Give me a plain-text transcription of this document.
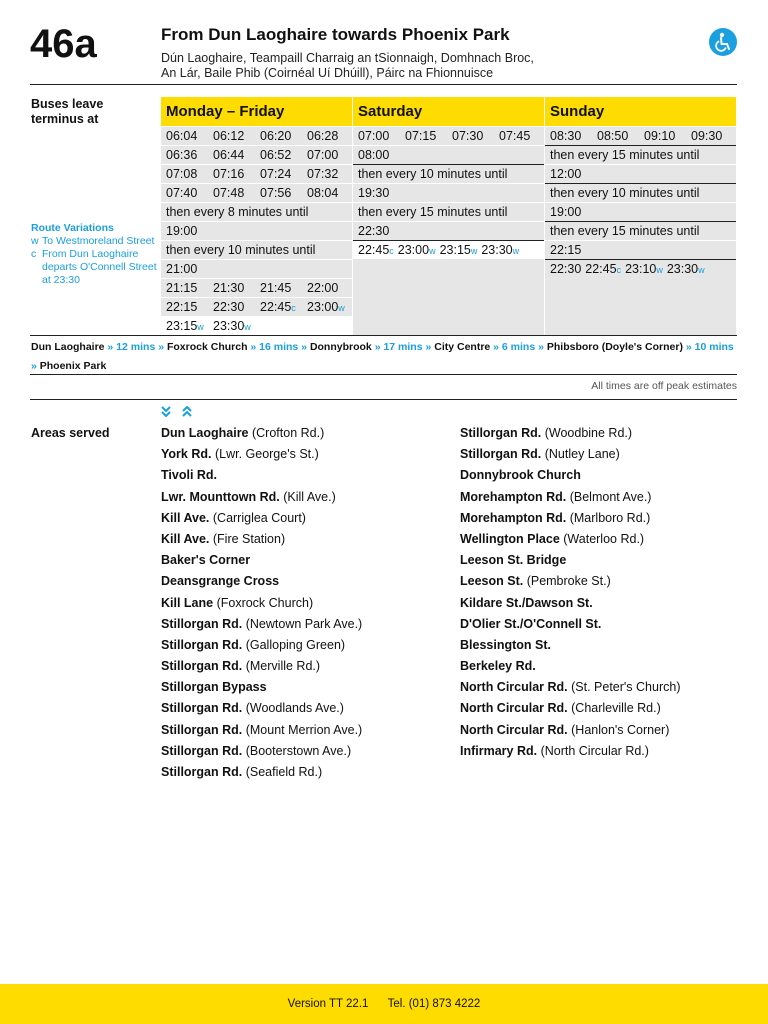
46a	From Dun Laoghaire towards Phoenix Park
Dún Laoghaire, Teampaill Charraig an tSionnaigh, Domhnach Broc,
An Lár, Baile Phib (Coirnéal Uí Dhúill), Páirc na Fhionnuisce
Buses leave terminus at
Route Variations
w To Westmoreland Street
c From Dun Laoghaire departs O'Connell Street at 23:30
Monday – Friday
06:04	06:12	06:20	06:28
06:36	06:44	06:52	07:00
07:08	07:16	07:24	07:32
07:40	07:48	07:56	08:04
then every 8 minutes until
19:00
then every 10 minutes until
21:00
21:15	21:30	21:45	22:00
22:15	22:30	22:45c 23:00w
23:15w 23:30w
Saturday
07:00	07:15	07:30	07:45
08:00
then every 10 minutes until
19:30
then every 15 minutes until
22:30
22:45c 23:00w 23:15w 23:30w
Sunday
08:30	08:50	09:10	09:30
then every 15 minutes until
12:00
then every 10 minutes until
19:00
then every 15 minutes until
22:15
22:30 22:45c 23:10w 23:30w
Dun Laoghaire » 12 mins » Foxrock Church » 16 mins » Donnybrook » 17 mins » City Centre » 6 mins » Phibsboro (Doyle's Corner) » 10 mins » Phoenix Park
All times are off peak estimates
Areas served	Dun Laoghaire (Crofton Rd.)
York Rd. (Lwr. George's St.)
Tivoli Rd.
Lwr. Mounttown Rd. (Kill Ave.)
Kill Ave. (Carriglea Court)
Kill Ave. (Fire Station)
Baker's Corner
Deansgrange Cross
Kill Lane (Foxrock Church)
Stillorgan Rd. (Newtown Park Ave.)
Stillorgan Rd. (Galloping Green)
Stillorgan Rd. (Merville Rd.)
Stillorgan Bypass
Stillorgan Rd. (Woodlands Ave.)
Stillorgan Rd. (Mount Merrion Ave.)
Stillorgan Rd. (Booterstown Ave.)
Stillorgan Rd. (Seafield Rd.)
Stillorgan Rd. (Woodbine Rd.)
Stillorgan Rd. (Nutley Lane)
Donnybrook Church
Morehampton Rd. (Belmont Ave.)
Morehampton Rd. (Marlboro Rd.)
Wellington Place (Waterloo Rd.)
Leeson St. Bridge
Leeson St. (Pembroke St.)
Kildare St./Dawson St.
D'Olier St./O'Connell St.
Blessington St.
Berkeley Rd.
North Circular Rd. (St. Peter's Church)
North Circular Rd. (Charleville Rd.)
North Circular Rd. (Hanlon's Corner)
Infirmary Rd. (North Circular Rd.)
Version TT 22.1 Tel. (01) 873 4222
